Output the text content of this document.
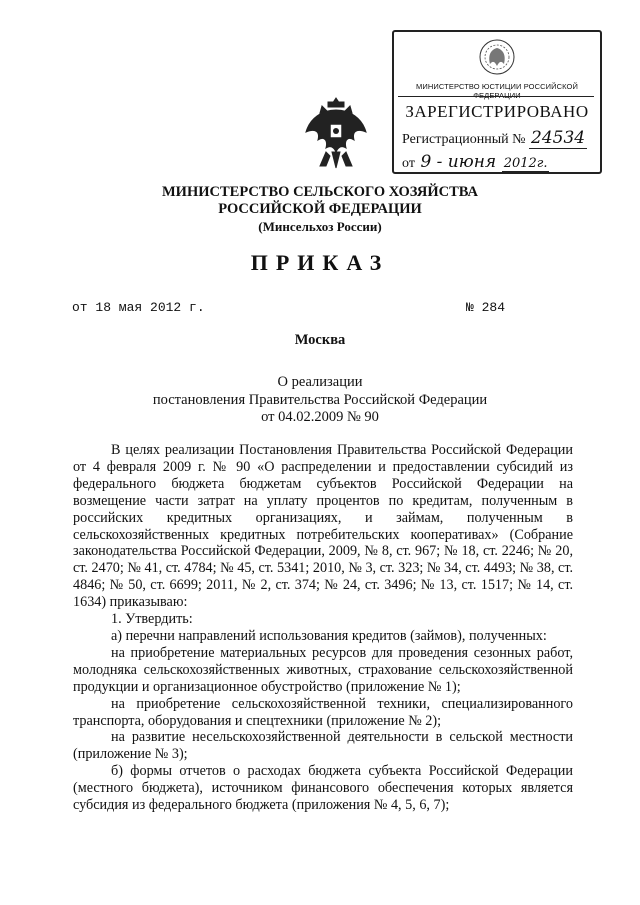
МИНИСТЕРСТВО ЮСТИЦИИ РОССИЙСКОЙ ФЕДЕРАЦИИ
ЗАРЕГИСТРИРОВАНО
Регистрационный № 24534
от 9 - июня 2012г.
МИНИСТЕРСТВО СЕЛЬСКОГО ХОЗЯЙСТВА
РОССИЙСКОЙ ФЕДЕРАЦИИ
(Минсельхоз России)
ПРИКАЗ
от 18 мая 2012 г.	№ 284
Москва
О реализации
постановления Правительства Российской Федерации
от 04.02.2009 № 90

В целях реализации Постановления Правительства Российской Федерации от 4 февраля 2009 г. № 90 «О распределении и предоставлении субсидий из федерального бюджета бюджетам субъектов Российской Федерации на возмещение части затрат на уплату процентов по кредитам, полученным в российских кредитных организациях, и займам, полученным в сельскохозяйственных кредитных потребительских кооперативах» (Собрание законодательства Российской Федерации, 2009, № 8, ст. 967; № 18, ст. 2246; № 20, ст. 2470; № 41, ст. 4784; № 45, ст. 5341; 2010, № 3, ст. 323; № 34, ст. 4493; № 38, ст. 4846; № 50, ст. 6699; 2011, № 2, ст. 374; № 24, ст. 3496; № 13, ст. 1517; № 14, ст. 1634) приказываю:

1. Утвердить:

а) перечни направлений использования кредитов (займов), полученных:

на приобретение материальных ресурсов для проведения сезонных работ, молодняка сельскохозяйственных животных, страхование сельскохозяйственной продукции и организационное обустройство (приложение № 1);

на приобретение сельскохозяйственной техники, специализированного транспорта, оборудования и спецтехники (приложение № 2);

на развитие несельскохозяйственной деятельности в сельской местности (приложение № 3);

б) формы отчетов о расходах бюджета субъекта Российской Федерации (местного бюджета), источником финансового обеспечения которых является субсидия из федерального бюджета (приложения № 4, 5, 6, 7);
